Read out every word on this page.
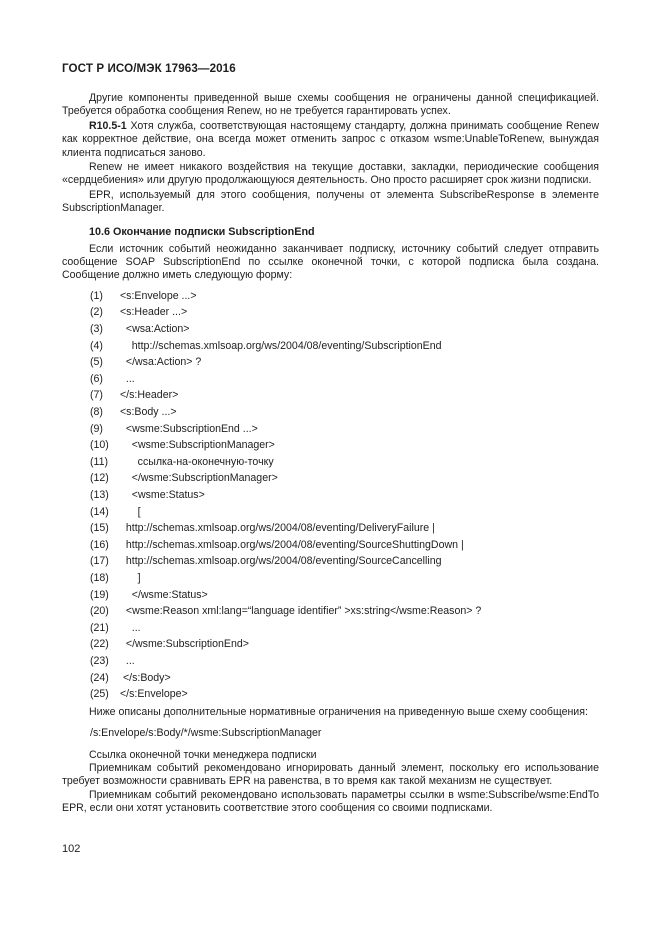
ГОСТ Р ИСО/МЭК 17963—2016

Другие компоненты приведенной выше схемы сообщения не ограничены данной спецификацией. Требуется обработка сообщения Renew, но не требуется гарантировать успех.

R10.5-1 Хотя служба, соответствующая настоящему стандарту, должна принимать сообщение Renew как корректное действие, она всегда может отменить запрос с отказом wsme:UnableToRenew, вынуждая клиента подписаться заново.

Renew не имеет никакого воздействия на текущие доставки, закладки, периодические сообщения «сердцебиения» или другую продолжающуюся деятельность. Оно просто расширяет срок жизни подписки.

EPR, используемый для этого сообщения, получены от элемента SubscribeResponse в элементе SubscriptionManager.

10.6 Окончание подписки SubscriptionEnd

Если источник событий неожиданно заканчивает подписку, источнику событий следует отправить сообщение SOAP SubscriptionEnd по ссылке оконечной точки, с которой подписка была создана. Сообщение должно иметь следующую форму:

(1) <s:Envelope ...>
(2) <s:Header ...>
(3) <wsa:Action>
(4) http://schemas.xmlsoap.org/ws/2004/08/eventing/SubscriptionEnd
(5) </wsa:Action> ?
(6) ...
(7) </s:Header>
(8) <s:Body ...>
(9) <wsme:SubscriptionEnd ...>
(10) <wsme:SubscriptionManager>
(11) ссылка-на-оконечную-точку
(12) </wsme:SubscriptionManager>
(13) <wsme:Status>
(14) [
(15) http://schemas.xmlsoap.org/ws/2004/08/eventing/DeliveryFailure |
(16) http://schemas.xmlsoap.org/ws/2004/08/eventing/SourceShuttingDown |
(17) http://schemas.xmlsoap.org/ws/2004/08/eventing/SourceCancelling
(18) ]
(19) </wsme:Status>
(20) <wsme:Reason xml:lang=“language identifier” >xs:string</wsme:Reason> ?
(21) ...
(22) </wsme:SubscriptionEnd>
(23) ...
(24) </s:Body>
(25) </s:Envelope>

Ниже описаны дополнительные нормативные ограничения на приведенную выше схему сообщения:

/s:Envelope/s:Body/*/wsme:SubscriptionManager

Ссылка оконечной точки менеджера подписки

Приемникам событий рекомендовано игнорировать данный элемент, поскольку его использование требует возможности сравнивать EPR на равенства, в то время как такой механизм не существует.

Приемникам событий рекомендовано использовать параметры ссылки в wsme:Subscribe/wsme:EndTo EPR, если они хотят установить соответствие этого сообщения со своими подписками.

102
